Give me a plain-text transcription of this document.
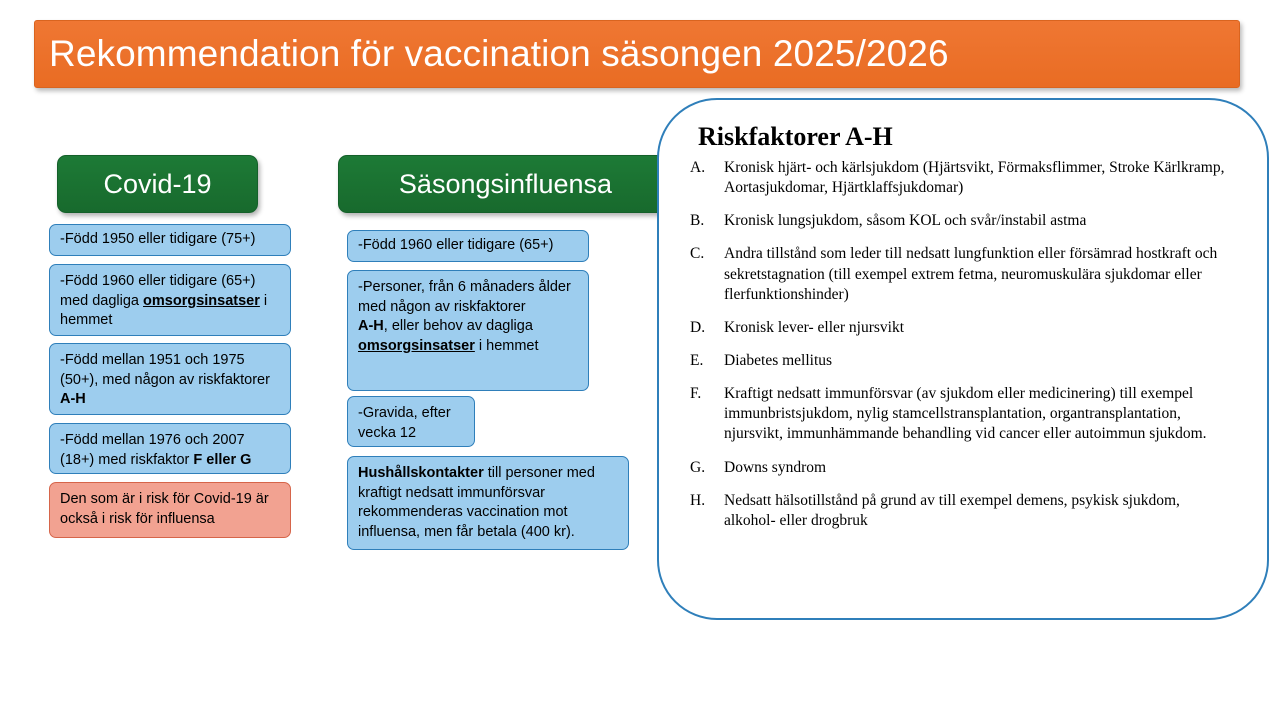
Rekommendation för vaccination säsongen 2025/2026
Covid-19
-Född 1950 eller tidigare (75+)
-Född 1960 eller tidigare (65+) med dagliga omsorgsinsatser i hemmet
-Född mellan 1951 och 1975 (50+), med någon av riskfaktorer A-H
-Född mellan 1976 och 2007 (18+) med riskfaktor F eller G
Den som är i risk för Covid-19 är också i risk för influensa
Säsongsinfluensa
-Född 1960 eller tidigare (65+)
-Personer, från 6 månaders ålder med någon av riskfaktorer
A-H, eller behov av dagliga omsorgsinsatser i hemmet
-Gravida, efter vecka 12
Hushållskontakter till personer med kraftigt nedsatt immunförsvar rekommenderas vaccination mot influensa, men får betala (400 kr).
Riskfaktorer A-H
A.	Kronisk hjärt- och kärlsjukdom (Hjärtsvikt, Förmaksflimmer, Stroke Kärlkramp, Aortasjukdomar, Hjärtklaffsjukdomar)
B.	Kronisk lungsjukdom, såsom KOL och svår/instabil astma
C.	Andra tillstånd som leder till nedsatt lungfunktion eller försämrad hostkraft och sekretstagnation (till exempel extrem fetma, neuromuskulära sjukdomar eller flerfunktionshinder)
D.	Kronisk lever- eller njursvikt
E.	Diabetes mellitus
F.	Kraftigt nedsatt immunförsvar (av sjukdom eller medicinering) till exempel immunbristsjukdom, nylig stamcellstransplantation, organtransplantation, njursvikt, immunhämmande behandling vid cancer eller autoimmun sjukdom.
G.	Downs syndrom
H.	Nedsatt hälsotillstånd på grund av till exempel demens, psykisk sjukdom, alkohol- eller drogbruk
